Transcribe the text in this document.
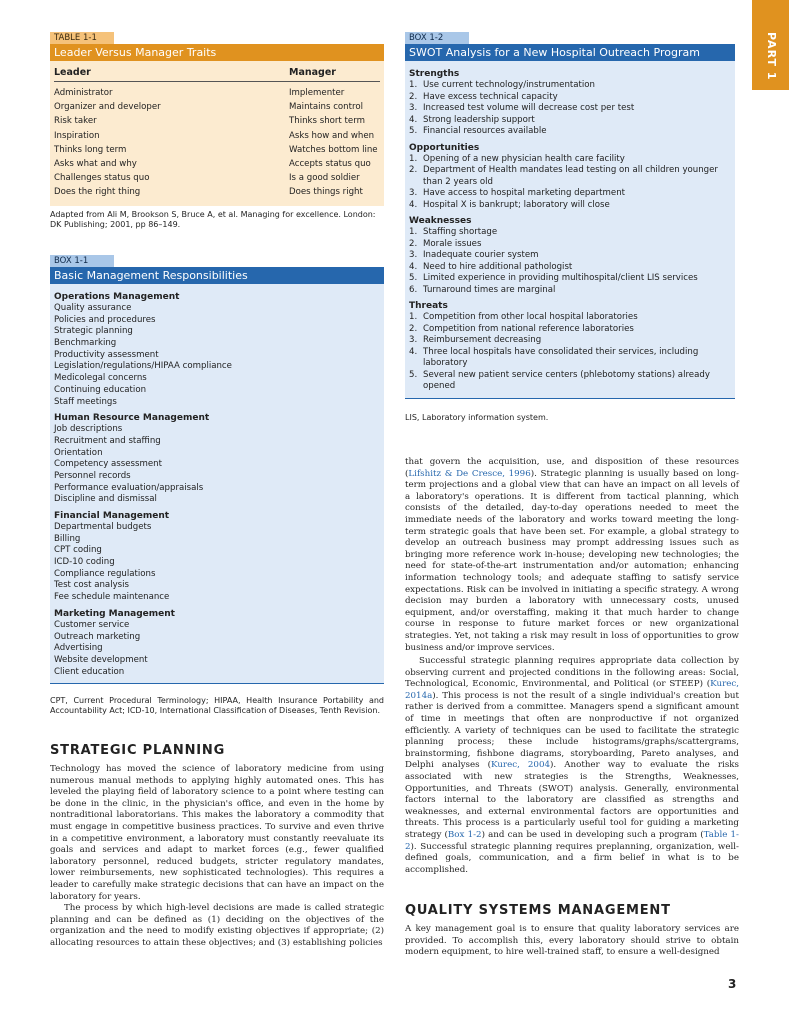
PART 1
TABLE 1-1
Leader Versus Manager Traits
Leader	Manager
Administrator	Implementer
Organizer and developer	Maintains control
Risk taker	Thinks short term
Inspiration	Asks how and when
Thinks long term	Watches bottom line
Asks what and why	Accepts status quo
Challenges status quo	Is a good soldier
Does the right thing	Does things right
Adapted from Ali M, Brookson S, Bruce A, et al. Managing for excellence. London: DK Publishing; 2001, pp 86–149.
BOX 1-1
Basic Management Responsibilities
Operations Management
Quality assurance
Policies and procedures
Strategic planning
Benchmarking
Productivity assessment
Legislation/regulations/HIPAA compliance
Medicolegal concerns
Continuing education
Staff meetings
Human Resource Management
Job descriptions
Recruitment and staffing
Orientation
Competency assessment
Personnel records
Performance evaluation/appraisals
Discipline and dismissal
Financial Management
Departmental budgets
Billing
CPT coding
ICD-10 coding
Compliance regulations
Test cost analysis
Fee schedule maintenance
Marketing Management
Customer service
Outreach marketing
Advertising
Website development
Client education
CPT, Current Procedural Terminology; HIPAA, Health Insurance Portability and Accountability Act; ICD-10, International Classification of Diseases, Tenth Revision.
BOX 1-2
SWOT Analysis for a New Hospital Outreach Program
Strengths
1. Use current technology/instrumentation
2. Have excess technical capacity
3. Increased test volume will decrease cost per test
4. Strong leadership support
5. Financial resources available
Opportunities
1. Opening of a new physician health care facility
2. Department of Health mandates lead testing on all children younger than 2 years old
3. Have access to hospital marketing department
4. Hospital X is bankrupt; laboratory will close
Weaknesses
1. Staffing shortage
2. Morale issues
3. Inadequate courier system
4. Need to hire additional pathologist
5. Limited experience in providing multihospital/client LIS services
6. Turnaround times are marginal
Threats
1. Competition from other local hospital laboratories
2. Competition from national reference laboratories
3. Reimbursement decreasing
4. Three local hospitals have consolidated their services, including laboratory
5. Several new patient service centers (phlebotomy stations) already opened
LIS, Laboratory information system.
STRATEGIC PLANNING
Technology has moved the science of laboratory medicine from using numerous manual methods to applying highly automated ones. This has leveled the playing field of laboratory science to a point where testing can be done in the clinic, in the physician's office, and even in the home by nontraditional laboratorians. This makes the laboratory a commodity that must engage in competitive business practices. To survive and even thrive in a competitive environment, a laboratory must constantly reevaluate its goals and services and adapt to market forces (e.g., fewer qualified laboratory personnel, reduced budgets, stricter regulatory mandates, lower reimbursements, new sophisticated technologies). This requires a leader to carefully make strategic decisions that can have an impact on the laboratory for years.
The process by which high-level decisions are made is called strategic planning and can be defined as (1) deciding on the objectives of the organization and the need to modify existing objectives if appropriate; (2) allocating resources to attain these objectives; and (3) establishing policies
that govern the acquisition, use, and disposition of these resources (Lifshitz & De Cresce, 1996). Strategic planning is usually based on long-term projections and a global view that can have an impact on all levels of a laboratory's operations. It is different from tactical planning, which consists of the detailed, day-to-day operations needed to meet the immediate needs of the laboratory and works toward meeting the long-term strategic goals that have been set. For example, a global strategy to develop an outreach business may prompt addressing issues such as bringing more reference work in-house; developing new technologies; the need for state-of-the-art instrumentation and/or automation; enhancing information technology tools; and adequate staffing to satisfy service expectations. Risk can be involved in initiating a specific strategy. A wrong decision may burden a laboratory with unnecessary costs, unused equipment, and/or overstaffing, making it that much harder to change course in response to future market forces or new organizational strategies. Yet, not taking a risk may result in loss of opportunities to grow business and/or improve services.
Successful strategic planning requires appropriate data collection by observing current and projected conditions in the following areas: Social, Technological, Economic, Environmental, and Political (or STEEP) (Kurec, 2014a). This process is not the result of a single individual's creation but rather is derived from a committee. Managers spend a significant amount of time in meetings that often are nonproductive if not organized efficiently. A variety of techniques can be used to facilitate the strategic planning process; these include histograms/graphs/scattergrams, brainstorming, fishbone diagrams, storyboarding, Pareto analyses, and Delphi analyses (Kurec, 2004). Another way to evaluate the risks associated with new strategies is the Strengths, Weaknesses, Opportunities, and Threats (SWOT) analysis. Generally, environmental factors internal to the laboratory are classified as strengths and weaknesses, and external environmental factors are opportunities and threats. This process is a particularly useful tool for guiding a marketing strategy (Box 1-2) and can be used in developing such a program (Table 1-2). Successful strategic planning requires preplanning, organization, well-defined goals, communication, and a firm belief in what is to be accomplished.
QUALITY SYSTEMS MANAGEMENT
A key management goal is to ensure that quality laboratory services are provided. To accomplish this, every laboratory should strive to obtain modern equipment, to hire well-trained staff, to ensure a well-designed
3
